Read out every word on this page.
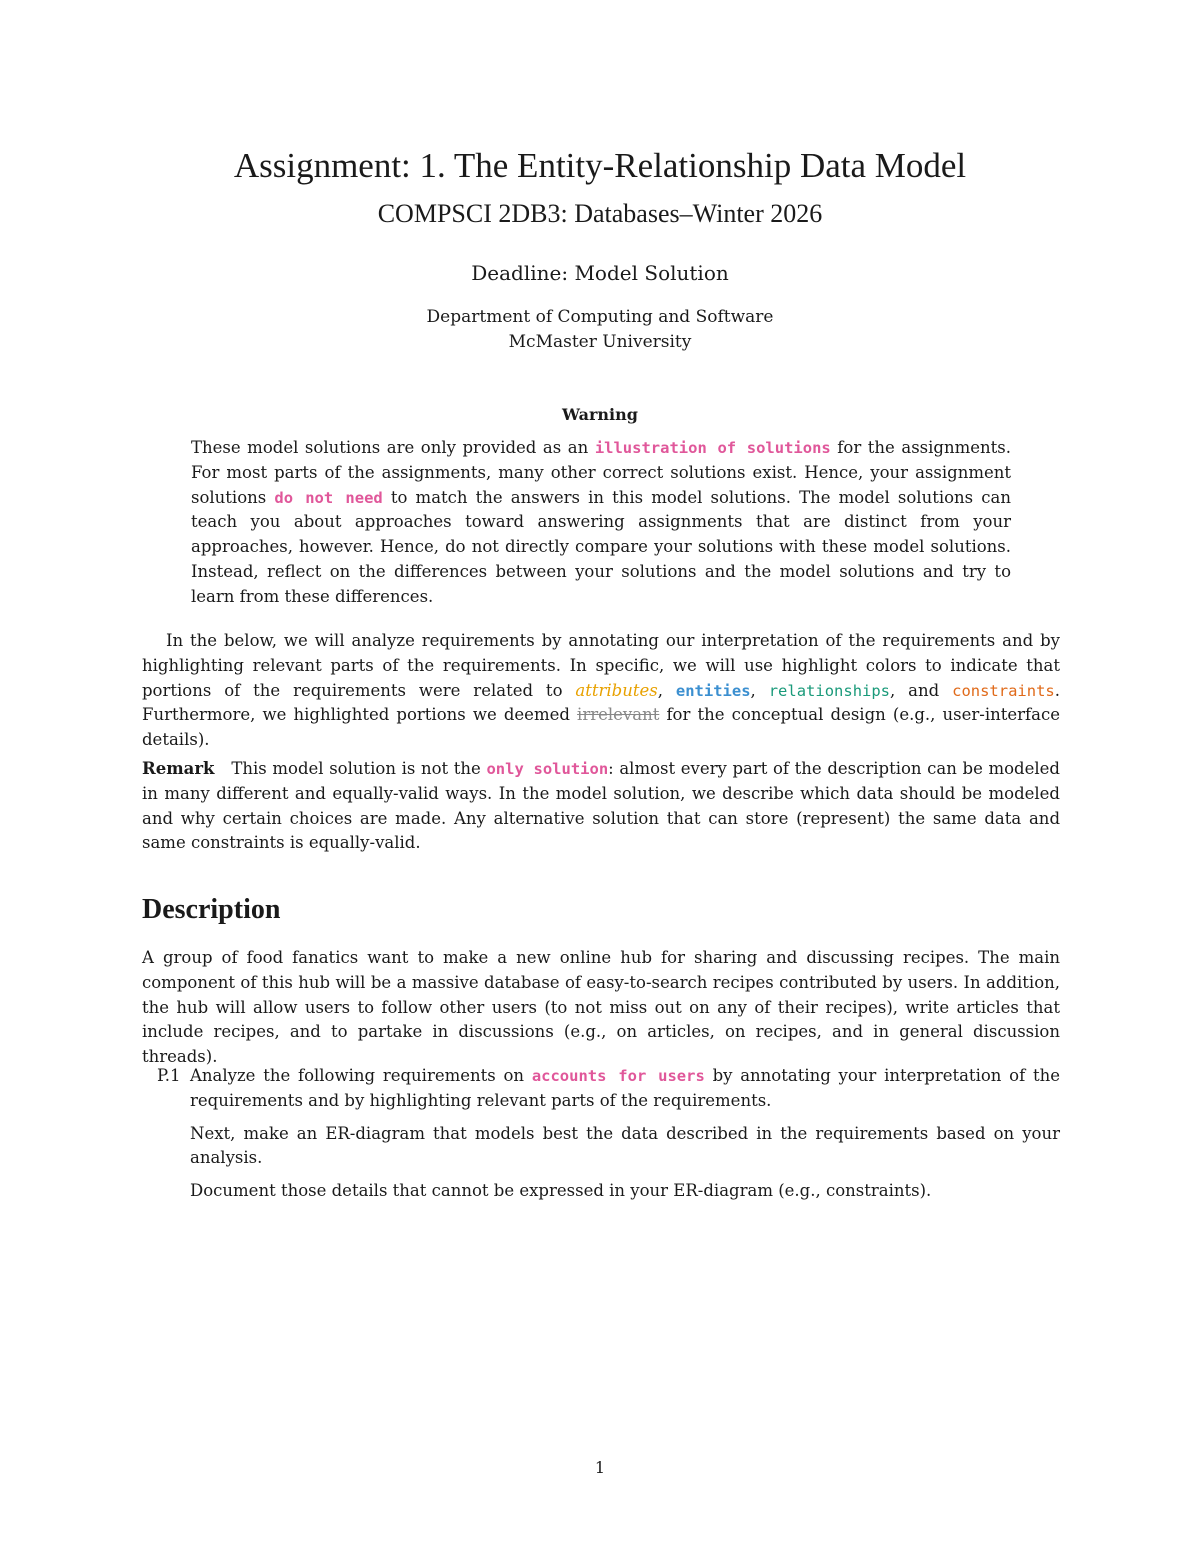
Assignment: 1. The Entity-Relationship Data Model
COMPSCI 2DB3: Databases–Winter 2026
Deadline: Model Solution
Department of Computing and Software
McMaster University
Warning
These model solutions are only provided as an illustration of solutions for the assignments. For most parts of the assignments, many other correct solutions exist. Hence, your assignment solutions do not need to match the answers in this model solutions. The model solutions can teach you about approaches toward answering assignments that are distinct from your approaches, however. Hence, do not directly compare your solutions with these model solutions. Instead, reflect on the differences between your solutions and the model solutions and try to learn from these differences.
In the below, we will analyze requirements by annotating our interpretation of the requirements and by highlighting relevant parts of the requirements. In specific, we will use highlight colors to indicate that portions of the requirements were related to attributes, entities, relationships, and constraints. Furthermore, we highlighted portions we deemed irrelevant for the conceptual design (e.g., user-interface details).
Remark   This model solution is not the only solution: almost every part of the description can be modeled in many different and equally-valid ways. In the model solution, we describe which data should be modeled and why certain choices are made. Any alternative solution that can store (represent) the same data and same constraints is equally-valid.
Description
A group of food fanatics want to make a new online hub for sharing and discussing recipes. The main component of this hub will be a massive database of easy-to-search recipes contributed by users. In addition, the hub will allow users to follow other users (to not miss out on any of their recipes), write articles that include recipes, and to partake in discussions (e.g., on articles, on recipes, and in general discussion threads).
P.1 Analyze the following requirements on accounts for users by annotating your interpretation of the requirements and by highlighting relevant parts of the requirements.

Next, make an ER-diagram that models best the data described in the requirements based on your analysis.

Document those details that cannot be expressed in your ER-diagram (e.g., constraints).

1
